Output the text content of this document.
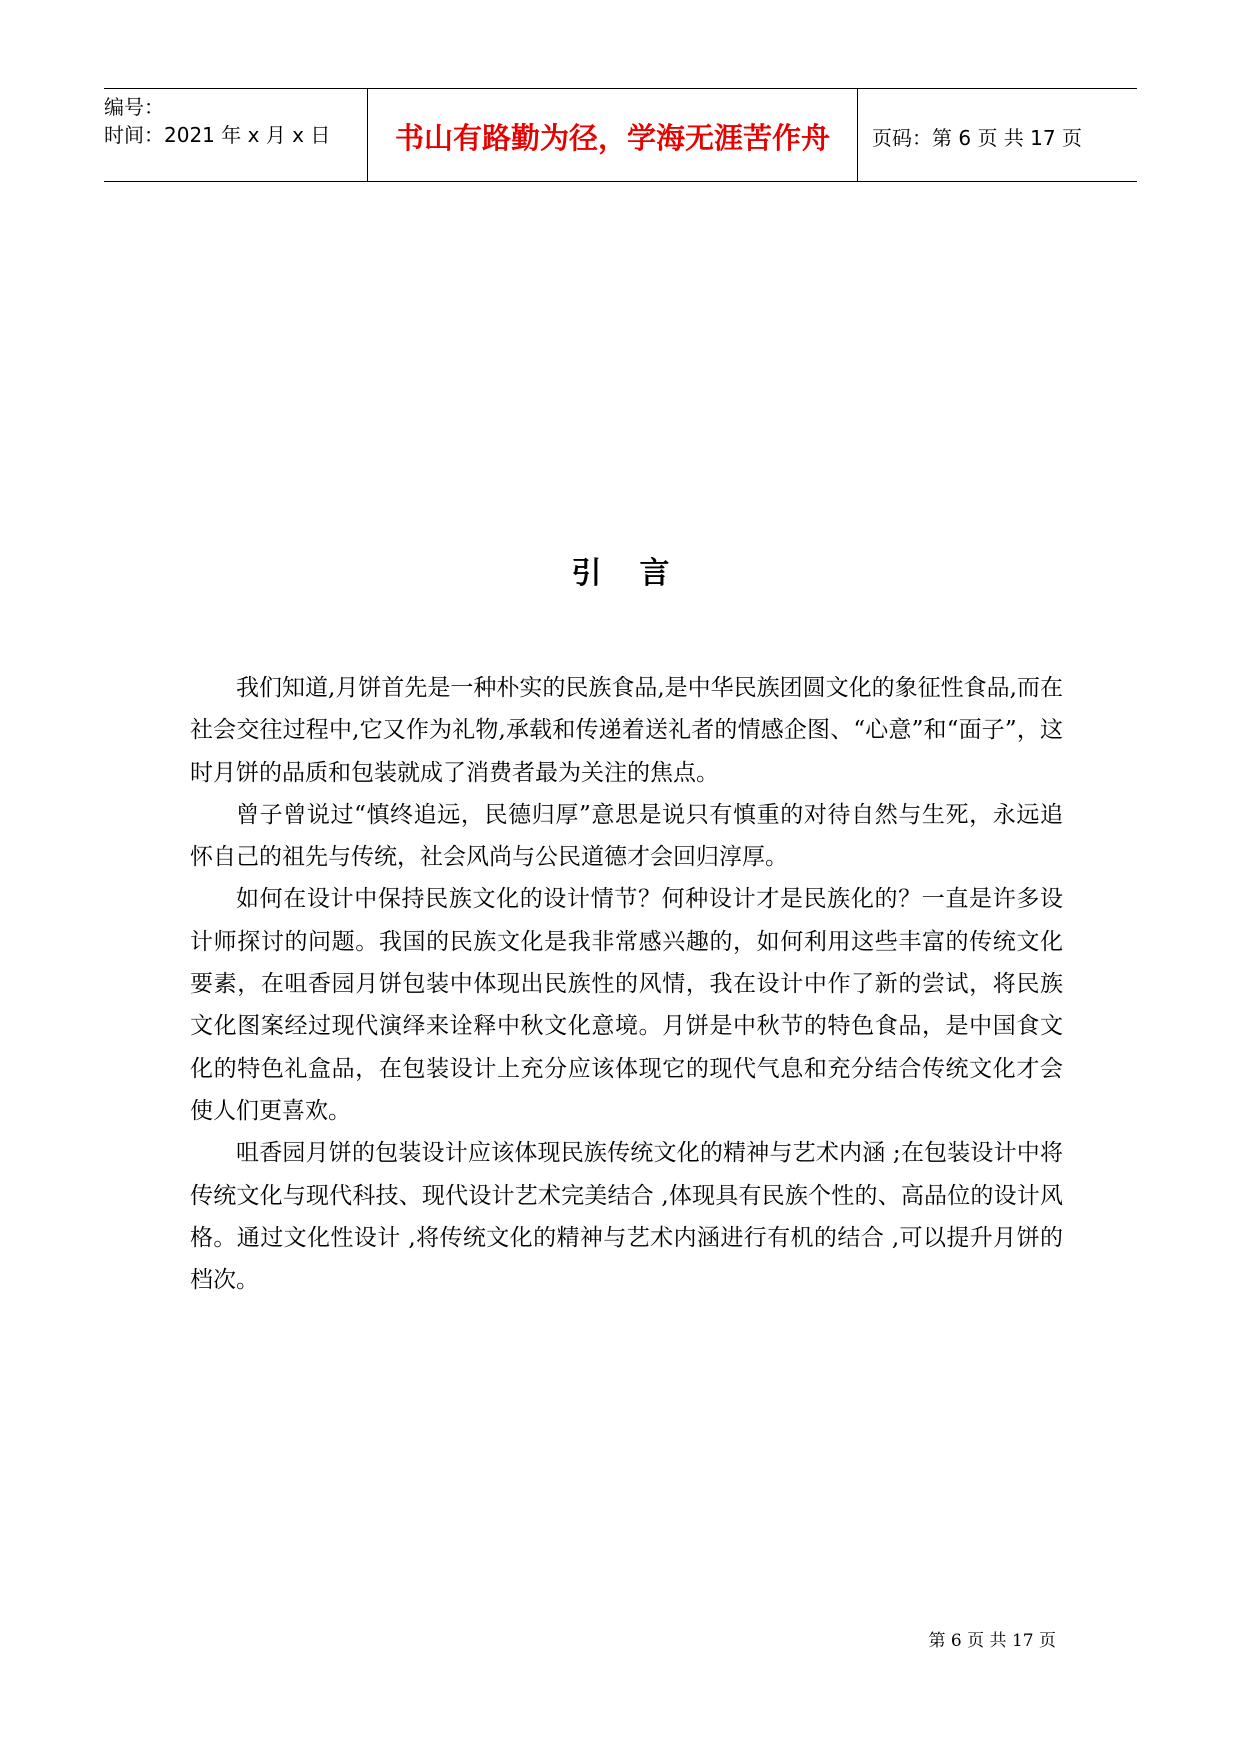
编号：
时间：2021 年 x 月 x 日	书山有路勤为径，学海无涯苦作舟	页码：第 6 页 共 17 页
引言

我们知道,月饼首先是一种朴实的民族食品,是中华民族团圆文化的象征性食品,而在社会交往过程中,它又作为礼物,承载和传递着送礼者的情感企图、“心意”和“面子”，这时月饼的品质和包装就成了消费者最为关注的焦点。

曾子曾说过“慎终追远，民德归厚”意思是说只有慎重的对待自然与生死，永远追怀自己的祖先与传统，社会风尚与公民道德才会回归淳厚。

如何在设计中保持民族文化的设计情节？何种设计才是民族化的？一直是许多设计师探讨的问题。我国的民族文化是我非常感兴趣的，如何利用这些丰富的传统文化要素，在咀香园月饼包装中体现出民族性的风情，我在设计中作了新的尝试，将民族文化图案经过现代演绎来诠释中秋文化意境。月饼是中秋节的特色食品，是中国食文化的特色礼盒品，在包装设计上充分应该体现它的现代气息和充分结合传统文化才会使人们更喜欢。

咀香园月饼的包装设计应该体现民族传统文化的精神与艺术内涵 ;在包装设计中将传统文化与现代科技、现代设计艺术完美结合 ,体现具有民族个性的、高品位的设计风格。通过文化性设计 ,将传统文化的精神与艺术内涵进行有机的结合 ,可以提升月饼的档次。

第 6 页 共 17 页
